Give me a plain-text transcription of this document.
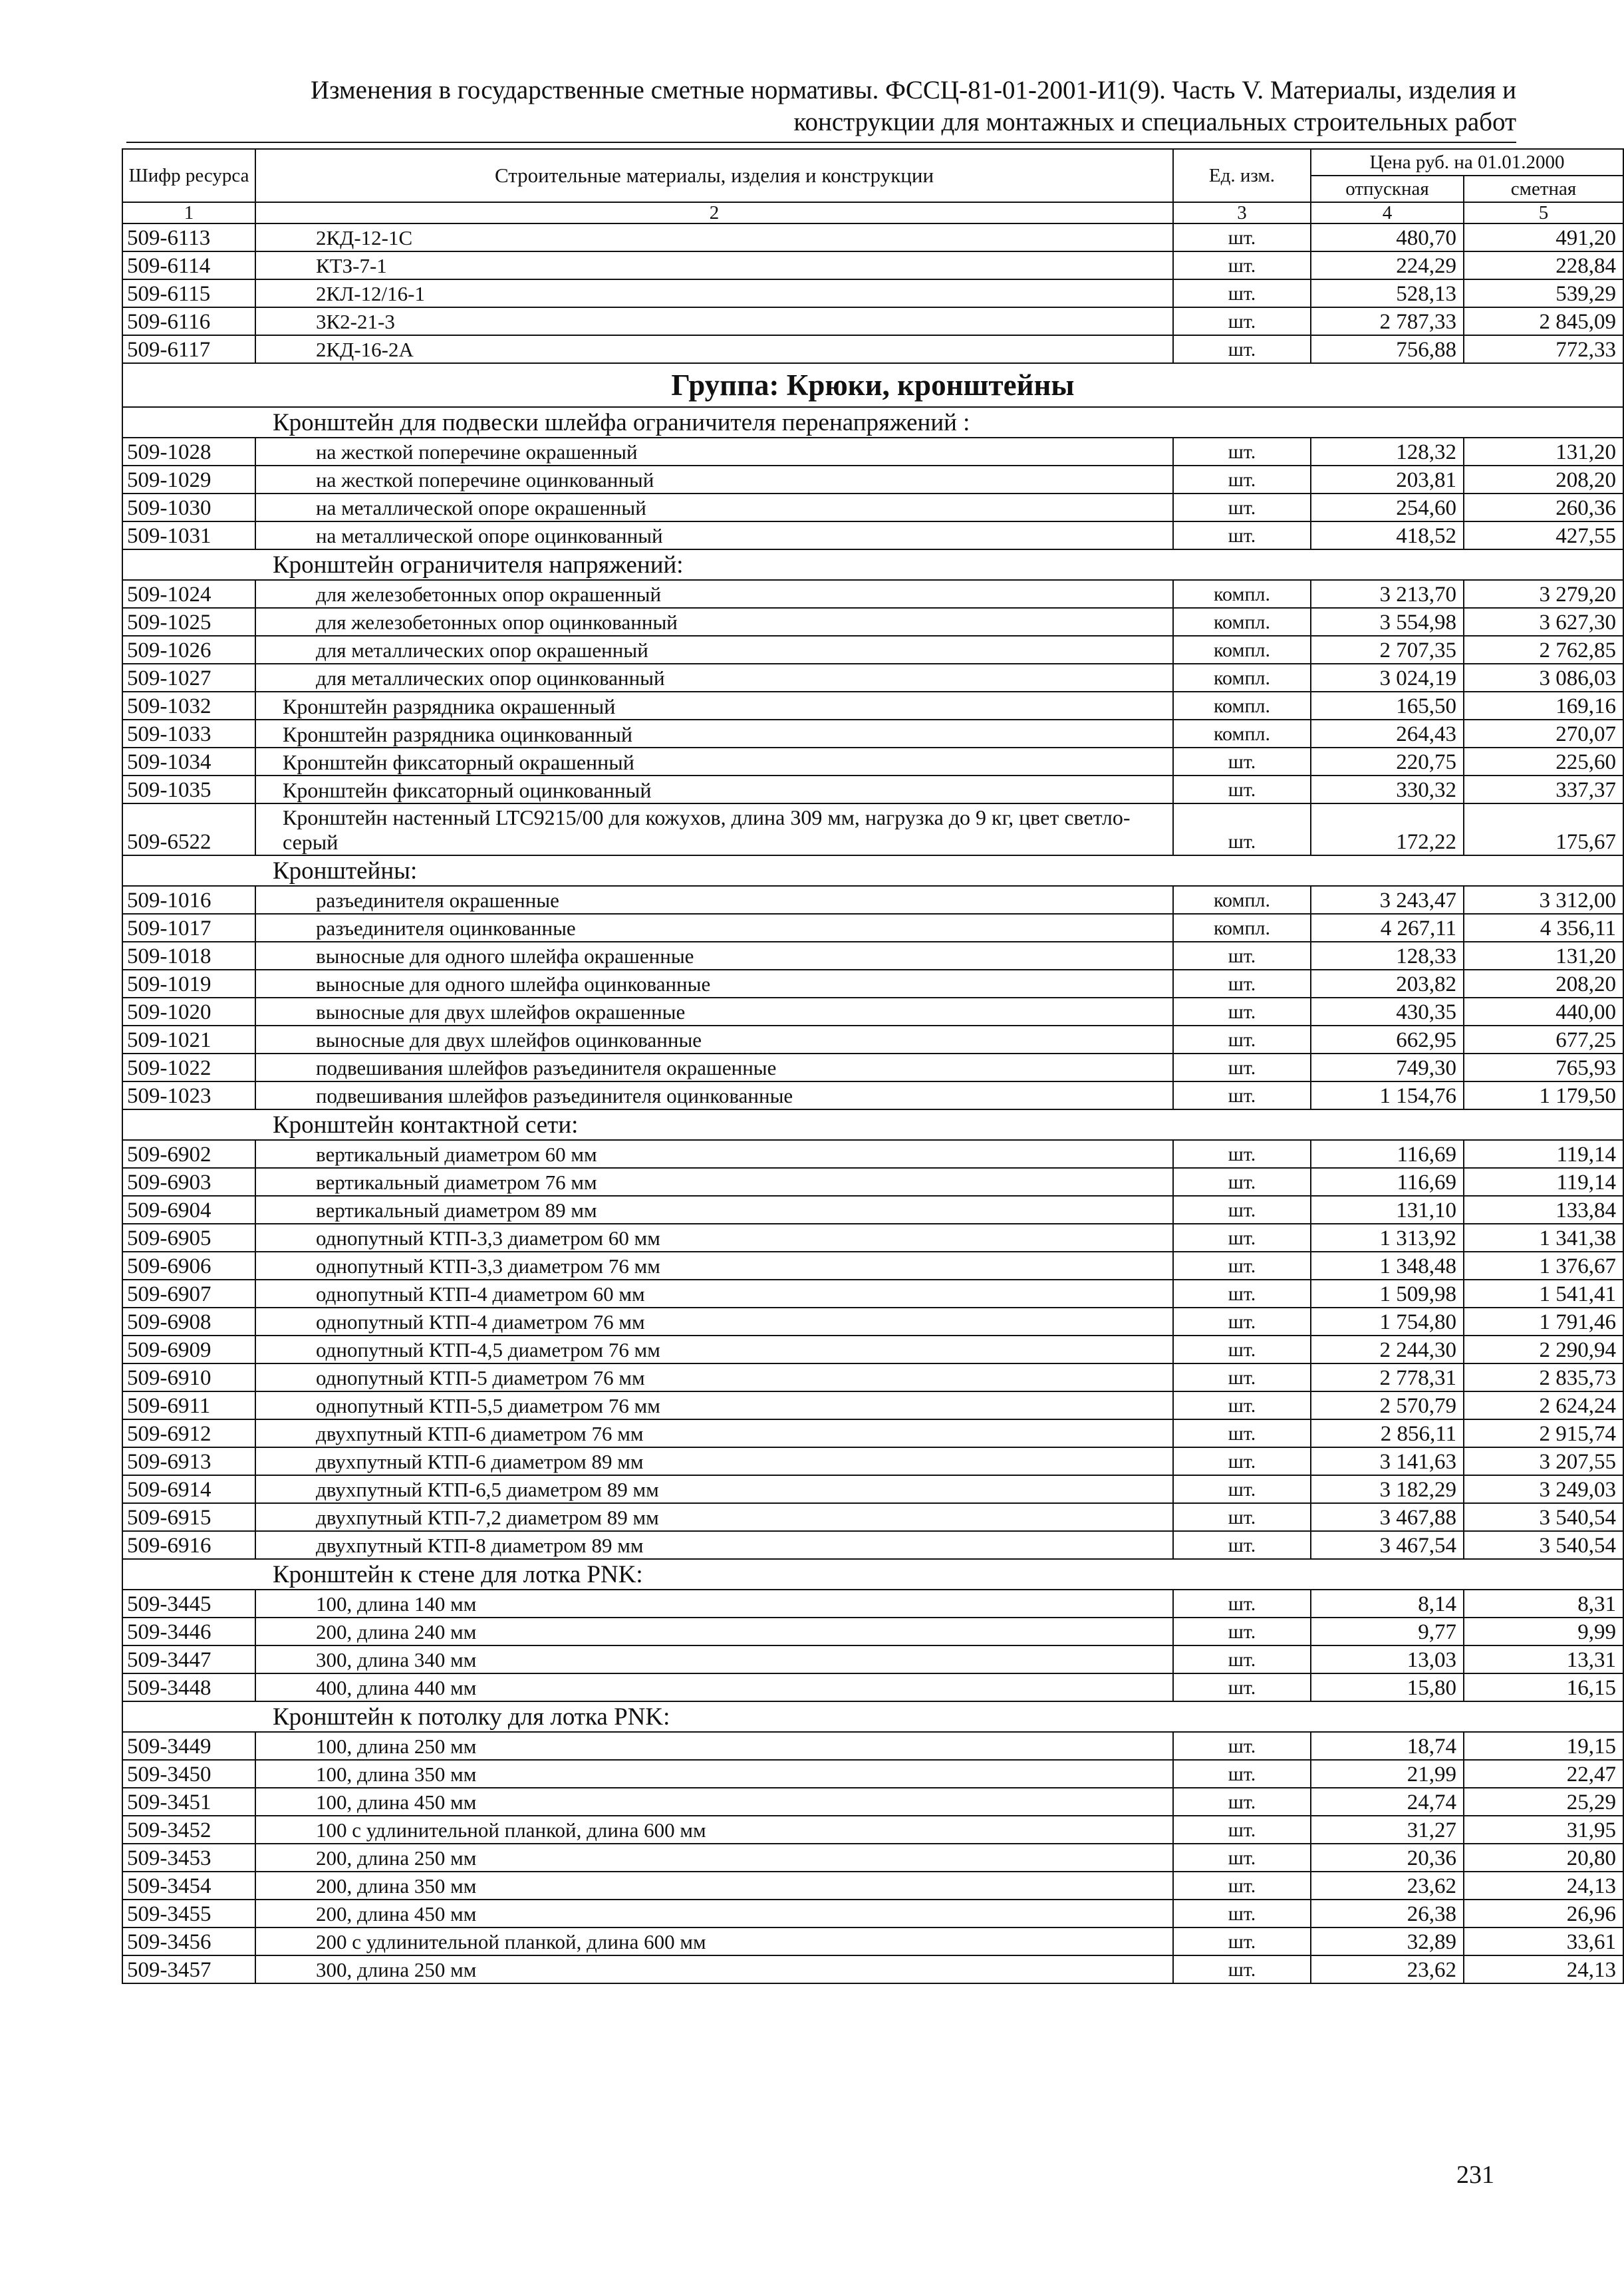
Изменения в государственные сметные нормативы. ФССЦ-81-01-2001-И1(9). Часть V. Материалы, изделия и
конструкции для монтажных и специальных строительных работ
Шифр ресурса	Строительные материалы, изделия и конструкции	Ед. изм.	Цена руб. на 01.01.2000	
			отпускная	сметная
1	2	3	4	5
509-6113	2КД-12-1С	шт.	480,70	491,20
509-6114	КТЗ-7-1	шт.	224,29	228,84
509-6115	2КЛ-12/16-1	шт.	528,13	539,29
509-6116	3К2-21-3	шт.	2 787,33	2 845,09
509-6117	2КД-16-2А	шт.	756,88	772,33
Группа: Крюки, кронштейны				
Кронштейн для подвески шлейфа ограничителя перенапряжений :				
509-1028	на жесткой поперечине окрашенный	шт.	128,32	131,20
509-1029	на жесткой поперечине оцинкованный	шт.	203,81	208,20
509-1030	на металлической опоре окрашенный	шт.	254,60	260,36
509-1031	на металлической опоре оцинкованный	шт.	418,52	427,55
Кронштейн ограничителя напряжений:				
509-1024	для железобетонных опор окрашенный	компл.	3 213,70	3 279,20
509-1025	для железобетонных опор оцинкованный	компл.	3 554,98	3 627,30
509-1026	для металлических опор окрашенный	компл.	2 707,35	2 762,85
509-1027	для металлических опор оцинкованный	компл.	3 024,19	3 086,03
509-1032	Кронштейн разрядника окрашенный	компл.	165,50	169,16
509-1033	Кронштейн разрядника оцинкованный	компл.	264,43	270,07
509-1034	Кронштейн фиксаторный окрашенный	шт.	220,75	225,60
509-1035	Кронштейн фиксаторный оцинкованный	шт.	330,32	337,37
509-6522	Кронштейн настенный LTC9215/00 для кожухов, длина 309 мм, нагрузка до 9 кг, цвет светло-серый	шт.	172,22	175,67
Кронштейны:				
509-1016	разъединителя окрашенные	компл.	3 243,47	3 312,00
509-1017	разъединителя оцинкованные	компл.	4 267,11	4 356,11
509-1018	выносные для одного шлейфа окрашенные	шт.	128,33	131,20
509-1019	выносные для одного шлейфа оцинкованные	шт.	203,82	208,20
509-1020	выносные для двух шлейфов окрашенные	шт.	430,35	440,00
509-1021	выносные для двух шлейфов оцинкованные	шт.	662,95	677,25
509-1022	подвешивания шлейфов разъединителя окрашенные	шт.	749,30	765,93
509-1023	подвешивания шлейфов разъединителя оцинкованные	шт.	1 154,76	1 179,50
Кронштейн контактной сети:				
509-6902	вертикальный диаметром 60 мм	шт.	116,69	119,14
509-6903	вертикальный диаметром 76 мм	шт.	116,69	119,14
509-6904	вертикальный диаметром 89 мм	шт.	131,10	133,84
509-6905	однопутный КТП-3,3 диаметром 60 мм	шт.	1 313,92	1 341,38
509-6906	однопутный КТП-3,3 диаметром 76 мм	шт.	1 348,48	1 376,67
509-6907	однопутный КТП-4 диаметром 60 мм	шт.	1 509,98	1 541,41
509-6908	однопутный КТП-4 диаметром 76 мм	шт.	1 754,80	1 791,46
509-6909	однопутный КТП-4,5 диаметром 76 мм	шт.	2 244,30	2 290,94
509-6910	однопутный КТП-5 диаметром 76 мм	шт.	2 778,31	2 835,73
509-6911	однопутный КТП-5,5 диаметром 76 мм	шт.	2 570,79	2 624,24
509-6912	двухпутный КТП-6 диаметром 76 мм	шт.	2 856,11	2 915,74
509-6913	двухпутный КТП-6 диаметром 89 мм	шт.	3 141,63	3 207,55
509-6914	двухпутный КТП-6,5 диаметром 89 мм	шт.	3 182,29	3 249,03
509-6915	двухпутный КТП-7,2 диаметром 89 мм	шт.	3 467,88	3 540,54
509-6916	двухпутный КТП-8 диаметром 89 мм	шт.	3 467,54	3 540,54
Кронштейн к стене для лотка PNK:				
509-3445	100, длина 140 мм	шт.	8,14	8,31
509-3446	200, длина 240 мм	шт.	9,77	9,99
509-3447	300, длина 340 мм	шт.	13,03	13,31
509-3448	400, длина 440 мм	шт.	15,80	16,15
Кронштейн к потолку для лотка PNK:				
509-3449	100, длина 250 мм	шт.	18,74	19,15
509-3450	100, длина 350 мм	шт.	21,99	22,47
509-3451	100, длина 450 мм	шт.	24,74	25,29
509-3452	100 с удлинительной планкой, длина 600 мм	шт.	31,27	31,95
509-3453	200, длина 250 мм	шт.	20,36	20,80
509-3454	200, длина 350 мм	шт.	23,62	24,13
509-3455	200, длина 450 мм	шт.	26,38	26,96
509-3456	200 с удлинительной планкой, длина 600 мм	шт.	32,89	33,61
509-3457	300, длина 250 мм	шт.	23,62	24,13
231
